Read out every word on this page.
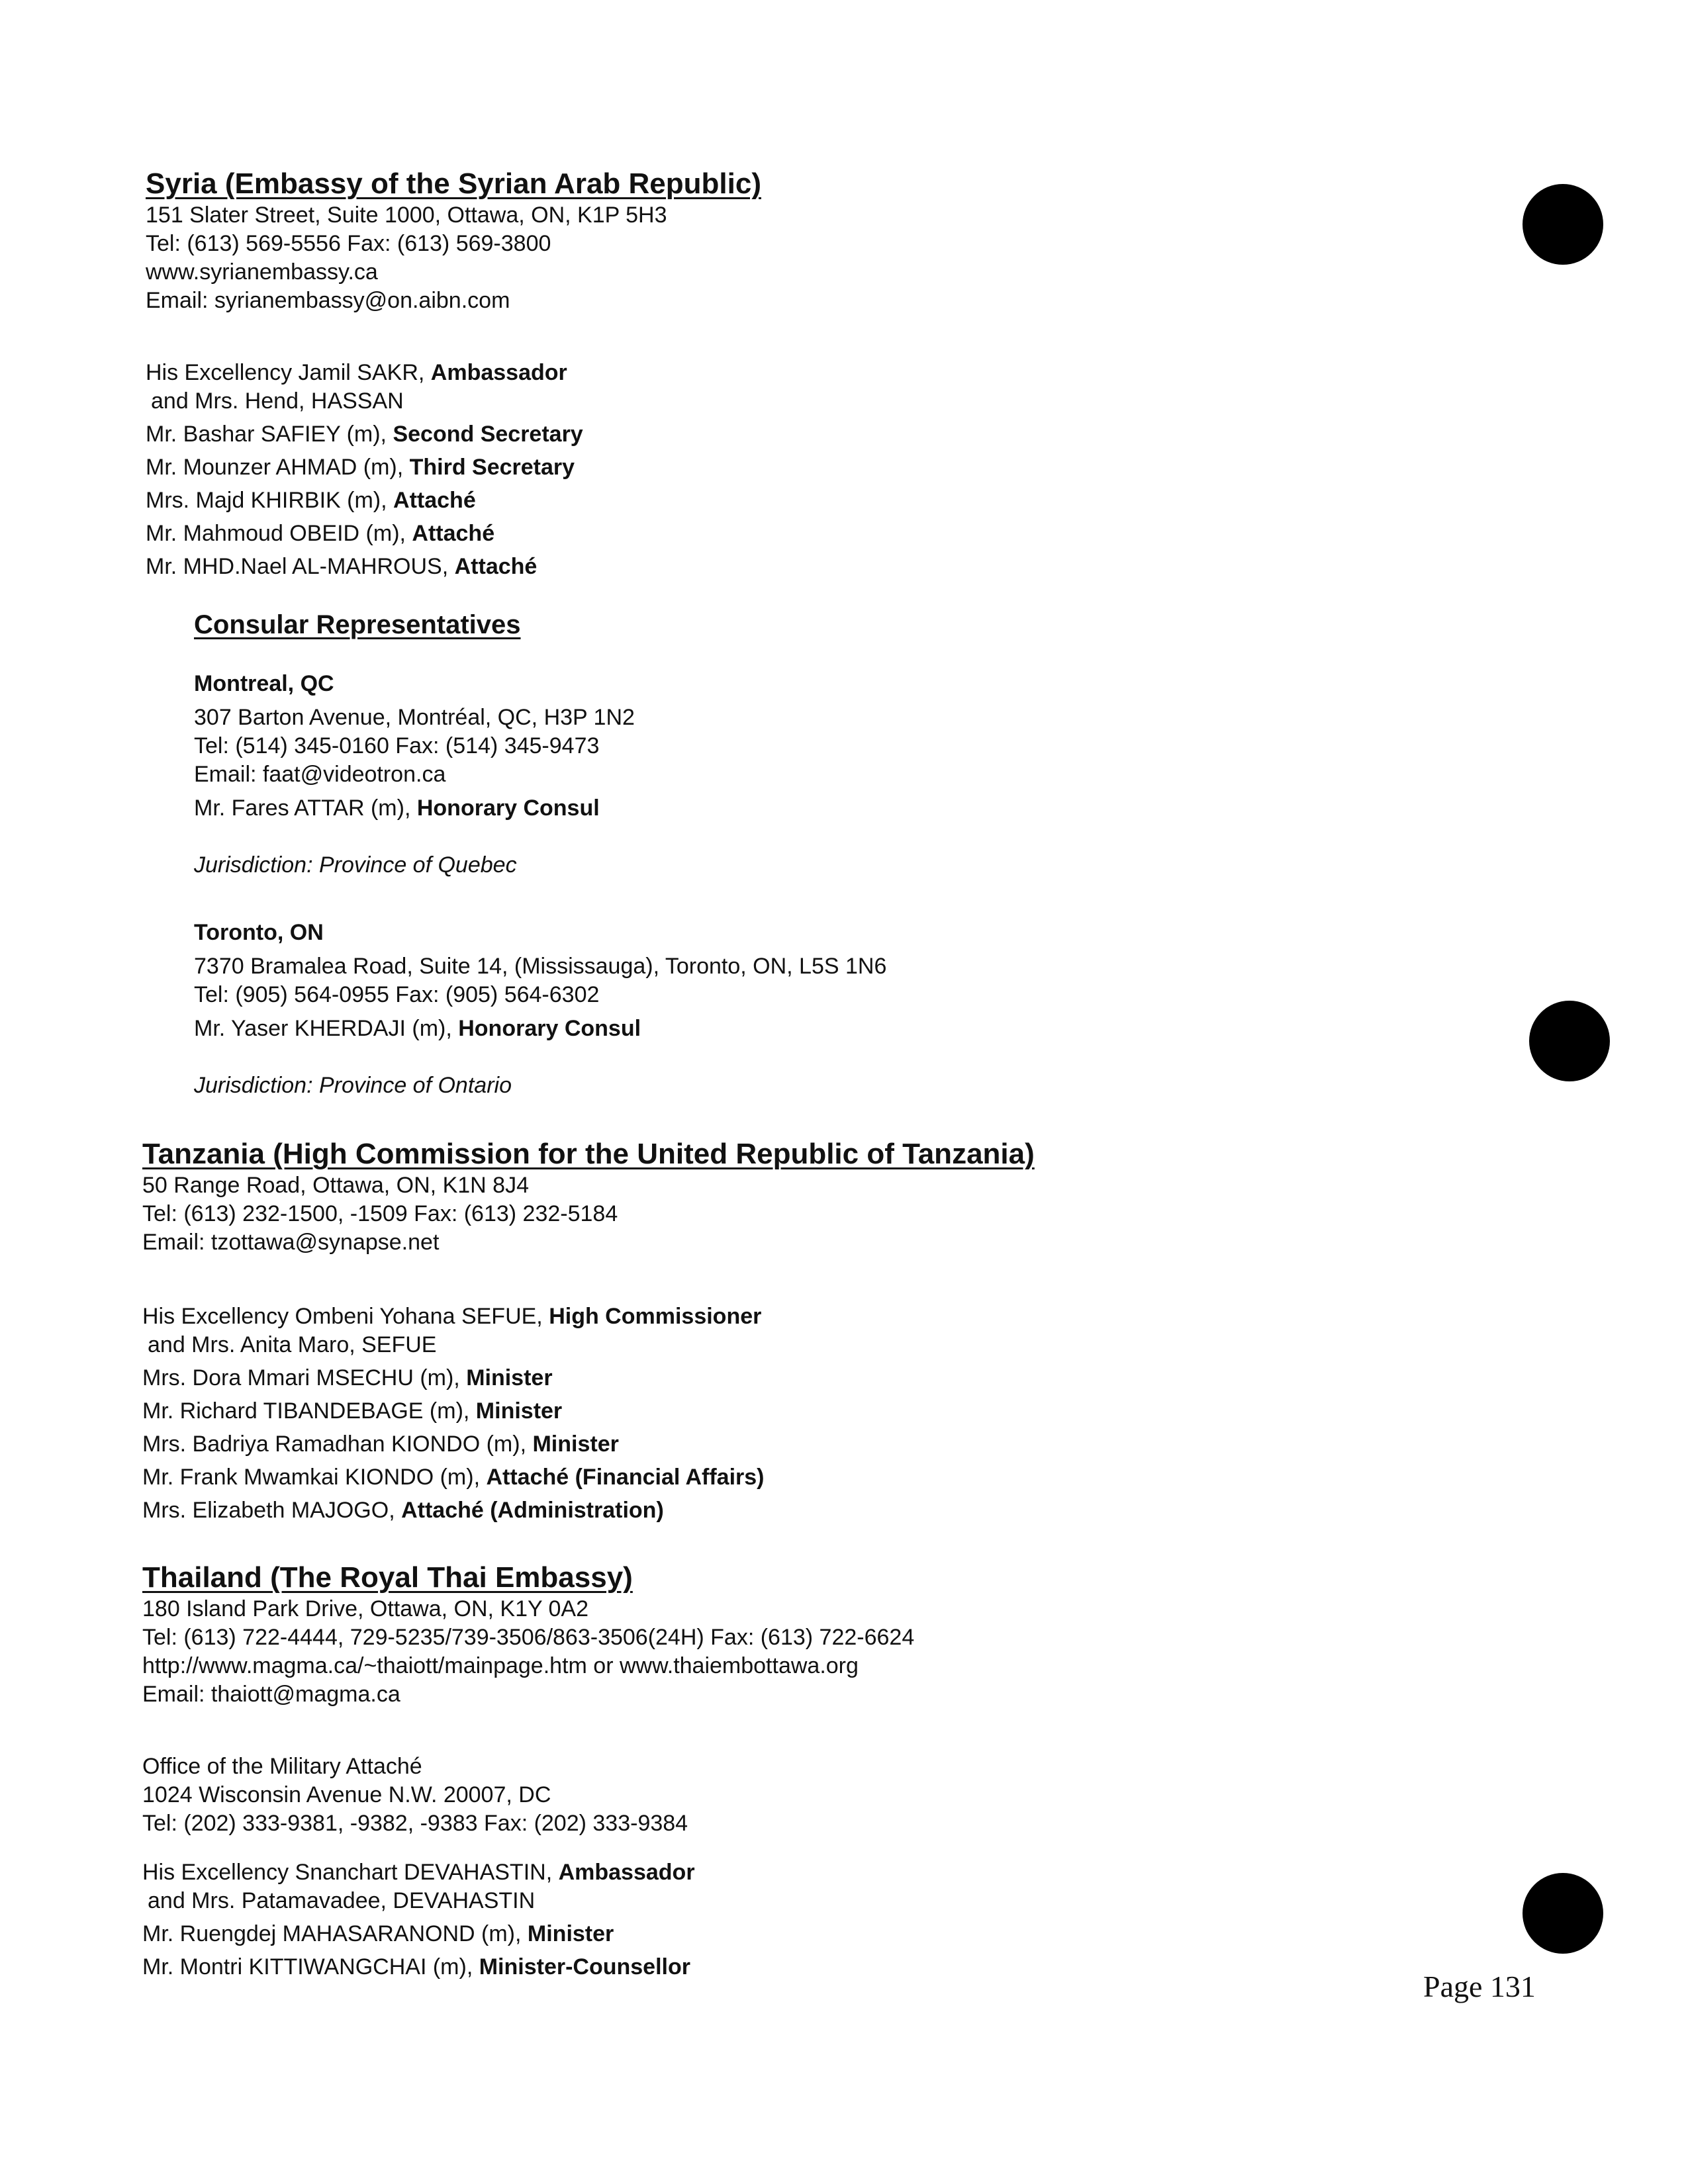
Syria (Embassy of the Syrian Arab Republic)
151 Slater Street, Suite 1000, Ottawa, ON, K1P 5H3
Tel: (613) 569-5556 Fax: (613) 569-3800
www.syrianembassy.ca
Email: syrianembassy@on.aibn.com
His Excellency Jamil SAKR, Ambassador
and Mrs. Hend, HASSAN
Mr. Bashar SAFIEY (m), Second Secretary
Mr. Mounzer AHMAD (m), Third Secretary
Mrs. Majd KHIRBIK (m), Attaché
Mr. Mahmoud OBEID (m), Attaché
Mr. MHD.Nael AL-MAHROUS, Attaché
Consular Representatives
Montreal, QC
307 Barton Avenue, Montréal, QC, H3P 1N2
Tel: (514) 345-0160 Fax: (514) 345-9473
Email: faat@videotron.ca
Mr. Fares ATTAR (m), Honorary Consul
Jurisdiction: Province of Quebec
Toronto, ON
7370 Bramalea Road, Suite 14, (Mississauga), Toronto, ON, L5S 1N6
Tel: (905) 564-0955 Fax: (905) 564-6302
Mr. Yaser KHERDAJI (m), Honorary Consul
Jurisdiction: Province of Ontario
Tanzania (High Commission for the United Republic of Tanzania)
50 Range Road, Ottawa, ON, K1N 8J4
Tel: (613) 232-1500, -1509 Fax: (613) 232-5184
Email: tzottawa@synapse.net
His Excellency Ombeni Yohana SEFUE, High Commissioner
and Mrs. Anita Maro, SEFUE
Mrs. Dora Mmari MSECHU (m), Minister
Mr. Richard TIBANDEBAGE (m), Minister
Mrs. Badriya Ramadhan KIONDO (m), Minister
Mr. Frank Mwamkai KIONDO (m), Attaché (Financial Affairs)
Mrs. Elizabeth MAJOGO, Attaché (Administration)
Thailand (The Royal Thai Embassy)
180 Island Park Drive, Ottawa, ON, K1Y 0A2
Tel: (613) 722-4444, 729-5235/739-3506/863-3506(24H) Fax: (613) 722-6624
http://www.magma.ca/~thaiott/mainpage.htm or www.thaiembottawa.org
Email: thaiott@magma.ca
Office of the Military Attaché
1024 Wisconsin Avenue N.W. 20007, DC
Tel: (202) 333-9381, -9382, -9383 Fax: (202) 333-9384
His Excellency Snanchart DEVAHASTIN, Ambassador
and Mrs. Patamavadee, DEVAHASTIN
Mr. Ruengdej MAHASARANOND (m), Minister
Mr. Montri KITTIWANGCHAI (m), Minister-Counsellor
Page 131
